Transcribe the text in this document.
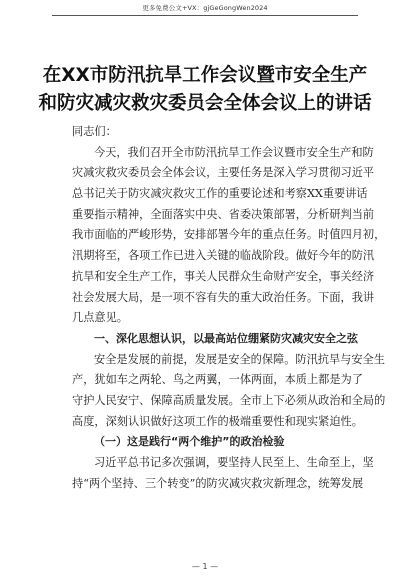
更多免费公文+VX：gjGeGongWen2024
在XX市防汛抗旱工作会议暨市安全生产
和防灾减灾救灾委员会全体会议上的讲话
同志们：
今天，我们召开全市防汛抗旱工作会议暨市安全生产和防
灾减灾救灾委员会全体会议，主要任务是深入学习贯彻习近平
总书记关于防灾减灾救灾工作的重要论述和考察XX重要讲话
重要指示精神，全面落实中央、省委决策部署，分析研判当前
我市面临的严峻形势，安排部署今年的重点任务。时值四月初，
汛期将至，各项工作已进入关键的临战阶段。做好今年的防汛
抗旱和安全生产工作，事关人民群众生命财产安全，事关经济
社会发展大局，是一项不容有失的重大政治任务。下面，我讲
几点意见。
一、深化思想认识，以最高站位绷紧防灾减灾安全之弦
安全是发展的前提，发展是安全的保障。防汛抗旱与安全生
产，犹如车之两轮、鸟之两翼，一体两面，本质上都是为了
守护人民安宁、保障高质量发展。全市上下必须从政治和全局的
高度，深刻认识做好这项工作的极端重要性和现实紧迫性。
（一）这是践行“两个维护”的政治检验
习近平总书记多次强调，要坚持人民至上、生命至上，坚
持“两个坚持、三个转变”的防灾减灾救灾新理念，统筹发展
— 1 —
